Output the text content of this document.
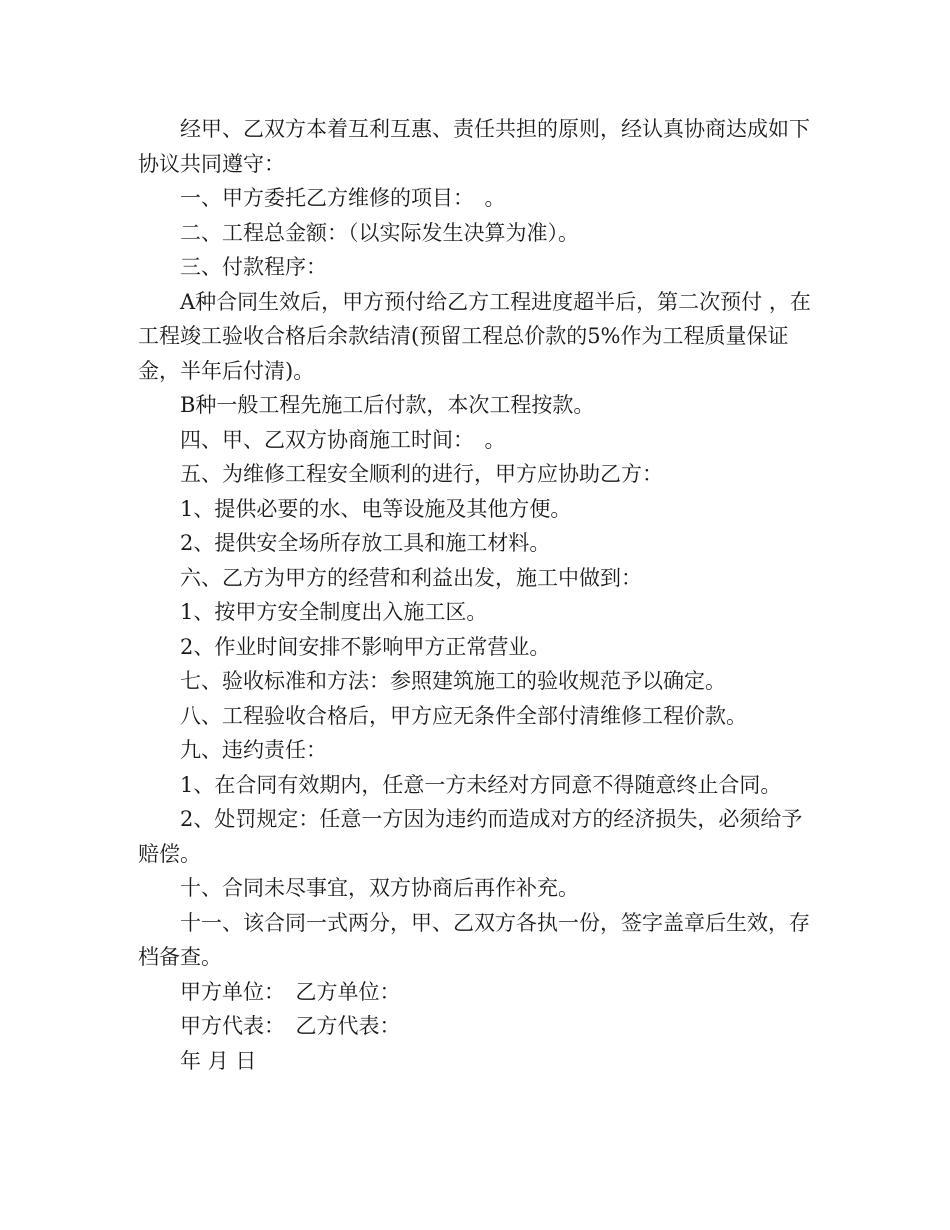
经甲、乙双方本着互利互惠、责任共担的原则，经认真协商达成如下协议共同遵守：

一、甲方委托乙方维修的项目：　。

二、工程总金额：（以实际发生决算为准）。

三、付款程序：

A种合同生效后，甲方预付给乙方工程进度超半后，第二次预付 ，在工程竣工验收合格后余款结清(预留工程总价款的5%作为工程质量保证金，半年后付清)。

B种一般工程先施工后付款，本次工程按款。

四、甲、乙双方协商施工时间：　。

五、为维修工程安全顺利的进行，甲方应协助乙方：

1、提供必要的水、电等设施及其他方便。

2、提供安全场所存放工具和施工材料。

六、乙方为甲方的经营和利益出发，施工中做到：

1、按甲方安全制度出入施工区。

2、作业时间安排不影响甲方正常营业。

七、验收标准和方法：参照建筑施工的验收规范予以确定。

八、工程验收合格后，甲方应无条件全部付清维修工程价款。

九、违约责任：

1、在合同有效期内，任意一方未经对方同意不得随意终止合同。

2、处罚规定：任意一方因为违约而造成对方的经济损失，必须给予赔偿。

十、合同未尽事宜，双方协商后再作补充。

十一、该合同一式两分，甲、乙双方各执一份，签字盖章后生效，存档备查。

甲方单位：　乙方单位：

甲方代表：　乙方代表：

年 月 日
